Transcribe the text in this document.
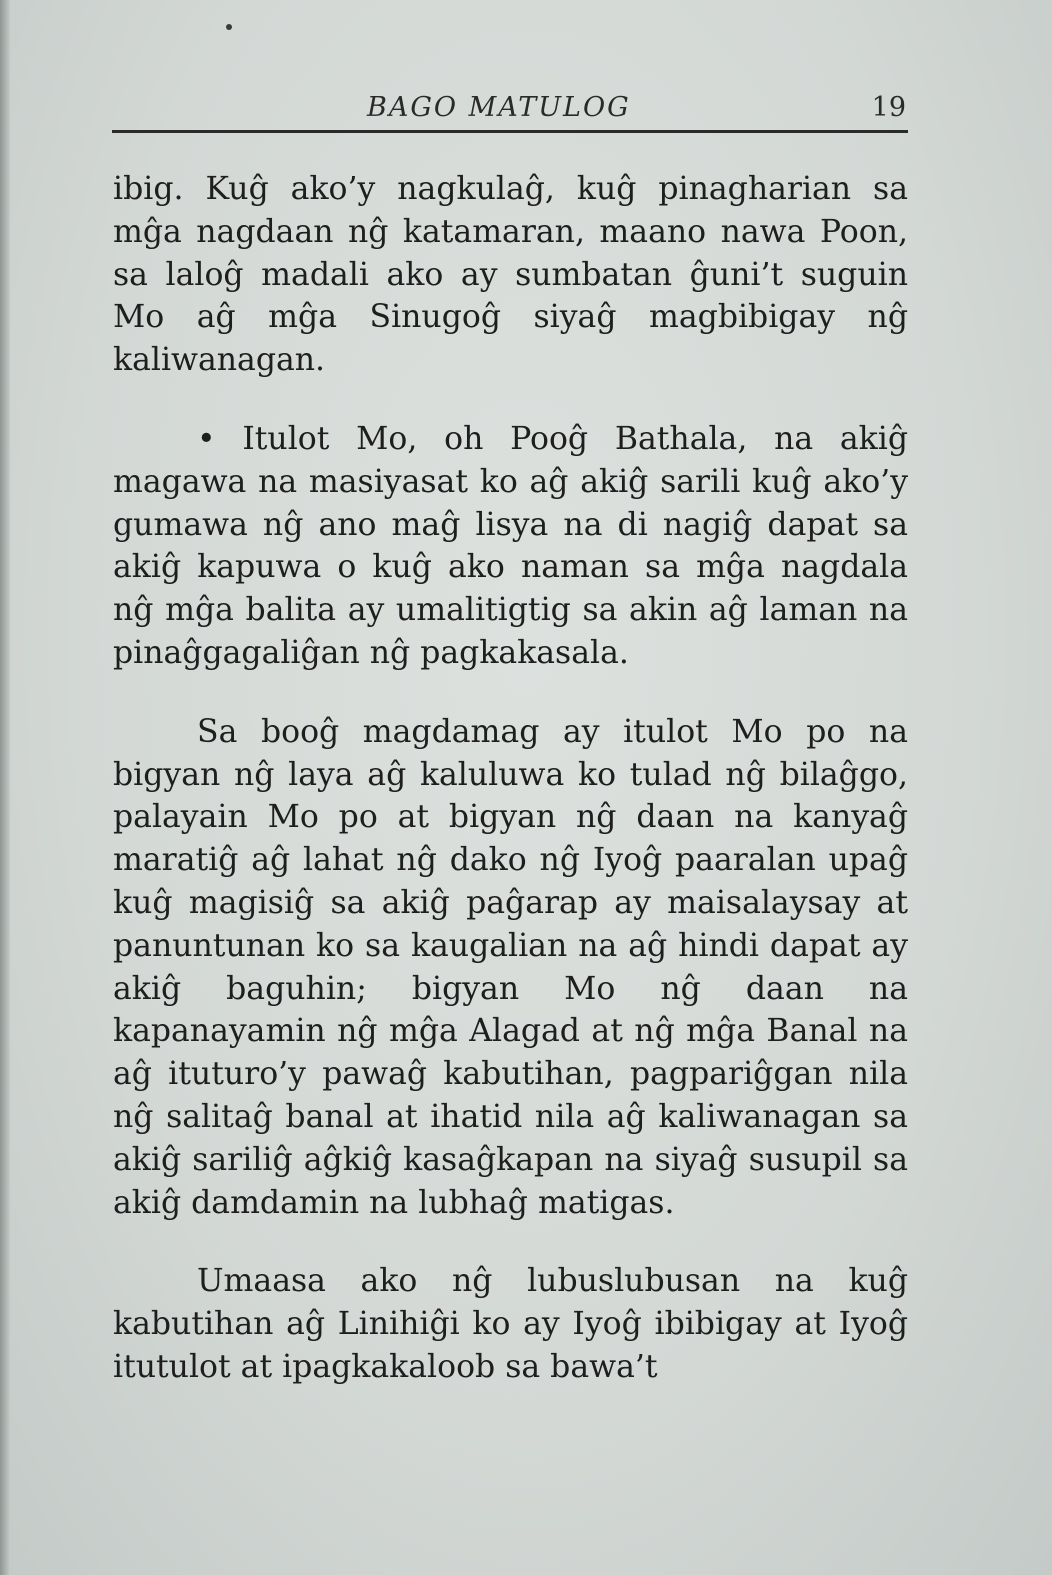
BAGO MATULOG	19

ibig. Kuĝ ako’y nagkulaĝ, kuĝ pinagharian sa mĝa nagdaan nĝ katamaran, maano nawa Poon, sa laloĝ madali ako ay sumbatan ĝuni’t suguin Mo aĝ mĝa Sinugoĝ siyaĝ magbibigay nĝ kaliwanagan.

• Itulot Mo, oh Pooĝ Bathala, na akiĝ magawa na masiyasat ko aĝ akiĝ sarili kuĝ ako’y gumawa nĝ ano maĝ lisya na di nagiĝ dapat sa akiĝ kapuwa o kuĝ ako naman sa mĝa nagdala nĝ mĝa balita ay umalitigtig sa akin aĝ laman na pinaĝgagaliĝan nĝ pagkakasala.

Sa booĝ magdamag ay itulot Mo po na bigyan nĝ laya aĝ kaluluwa ko tulad nĝ bilaĝgo, palayain Mo po at bigyan nĝ daan na kanyaĝ maratiĝ aĝ lahat nĝ dako nĝ Iyoĝ paaralan upaĝ kuĝ magisiĝ sa akiĝ paĝarap ay maisalaysay at panuntunan ko sa kaugalian na aĝ hindi dapat ay akiĝ baguhin; bigyan Mo nĝ daan na kapanayamin nĝ mĝa Alagad at nĝ mĝa Banal na aĝ ituturo’y pawaĝ kabutihan, pagpariĝgan nila nĝ salitaĝ banal at ihatid nila aĝ kaliwanagan sa akiĝ sariliĝ aĝkiĝ kasaĝkapan na siyaĝ susupil sa akiĝ damdamin na lubhaĝ matigas.

Umaasa ako nĝ lubuslubusan na kuĝ kabutihan aĝ Linihiĝi ko ay Iyoĝ ibibigay at Iyoĝ itutulot at ipagkakaloob sa bawa’t
